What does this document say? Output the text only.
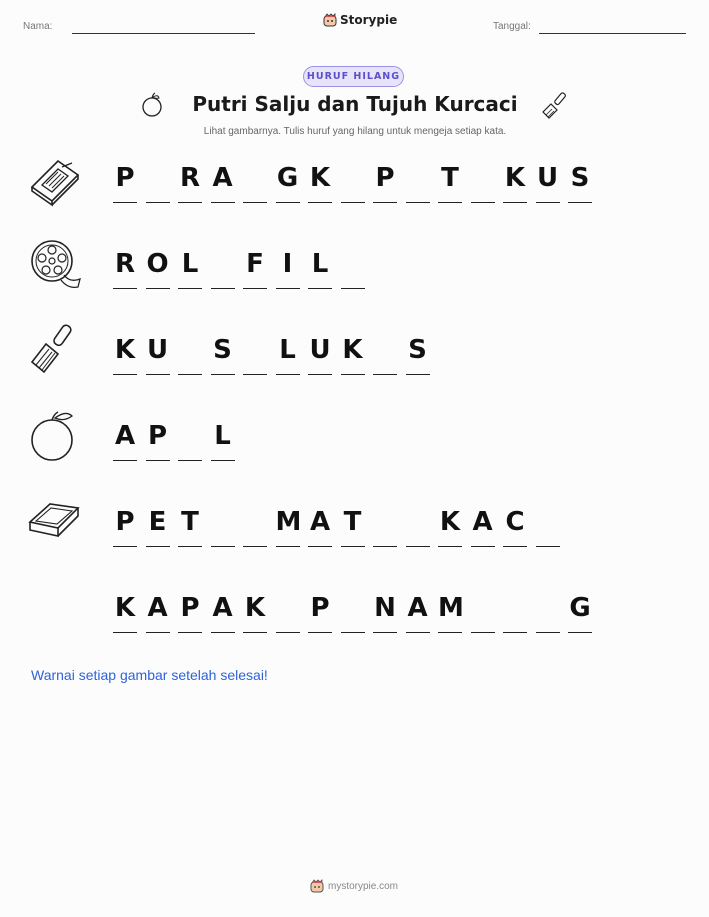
Nama:	Tanggal:
Storypie
HURUF HILANG
Putri Salju dan Tujuh Kurcaci
Lihat gambarnya. Tulis huruf yang hilang untuk mengeja setiap kata.
P R A G K P T K U S
R O L F I L
K U S L U K S
A P L
P E T	M A T	K A C
K A P A K P N A M	G
Warnai setiap gambar setelah selesai!
mystorypie.com
